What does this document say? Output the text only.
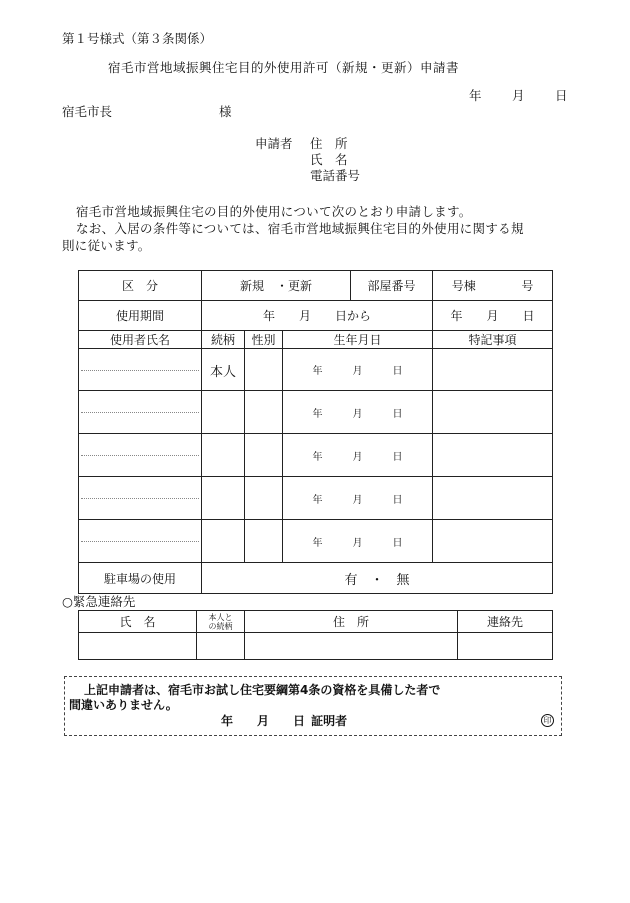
第１号様式（第３条関係）
宿毛市営地域振興住宅目的外使用許可（新規・更新）申請書
年 月 日
宿毛市長	様
申請者 住　所
氏　名
電話番号
宿毛市営地域振興住宅の目的外使用について次のとおり申請します。
なお、入居の条件等については、宿毛市営地域振興住宅目的外使用に関する規
則に従います。
区　分	新規　・更新			部屋番号	号棟 号
使用期間	年　　月　　日から				年　　月　　日
使用者氏名	続柄	性別	生年月日		特記事項

	本人		年 月 日		

			年 月 日		

			年 月 日		

			年 月 日		

			年 月 日		
駐車場の使用	有　・　無				
○緊急連絡先
氏　名	本人と
の続柄	住　所	連絡先

上記申請者は、宿毛市お試し住宅要綱第4条の資格を具備した者で
間違いありません。
年　　月　　日 証明者	印
